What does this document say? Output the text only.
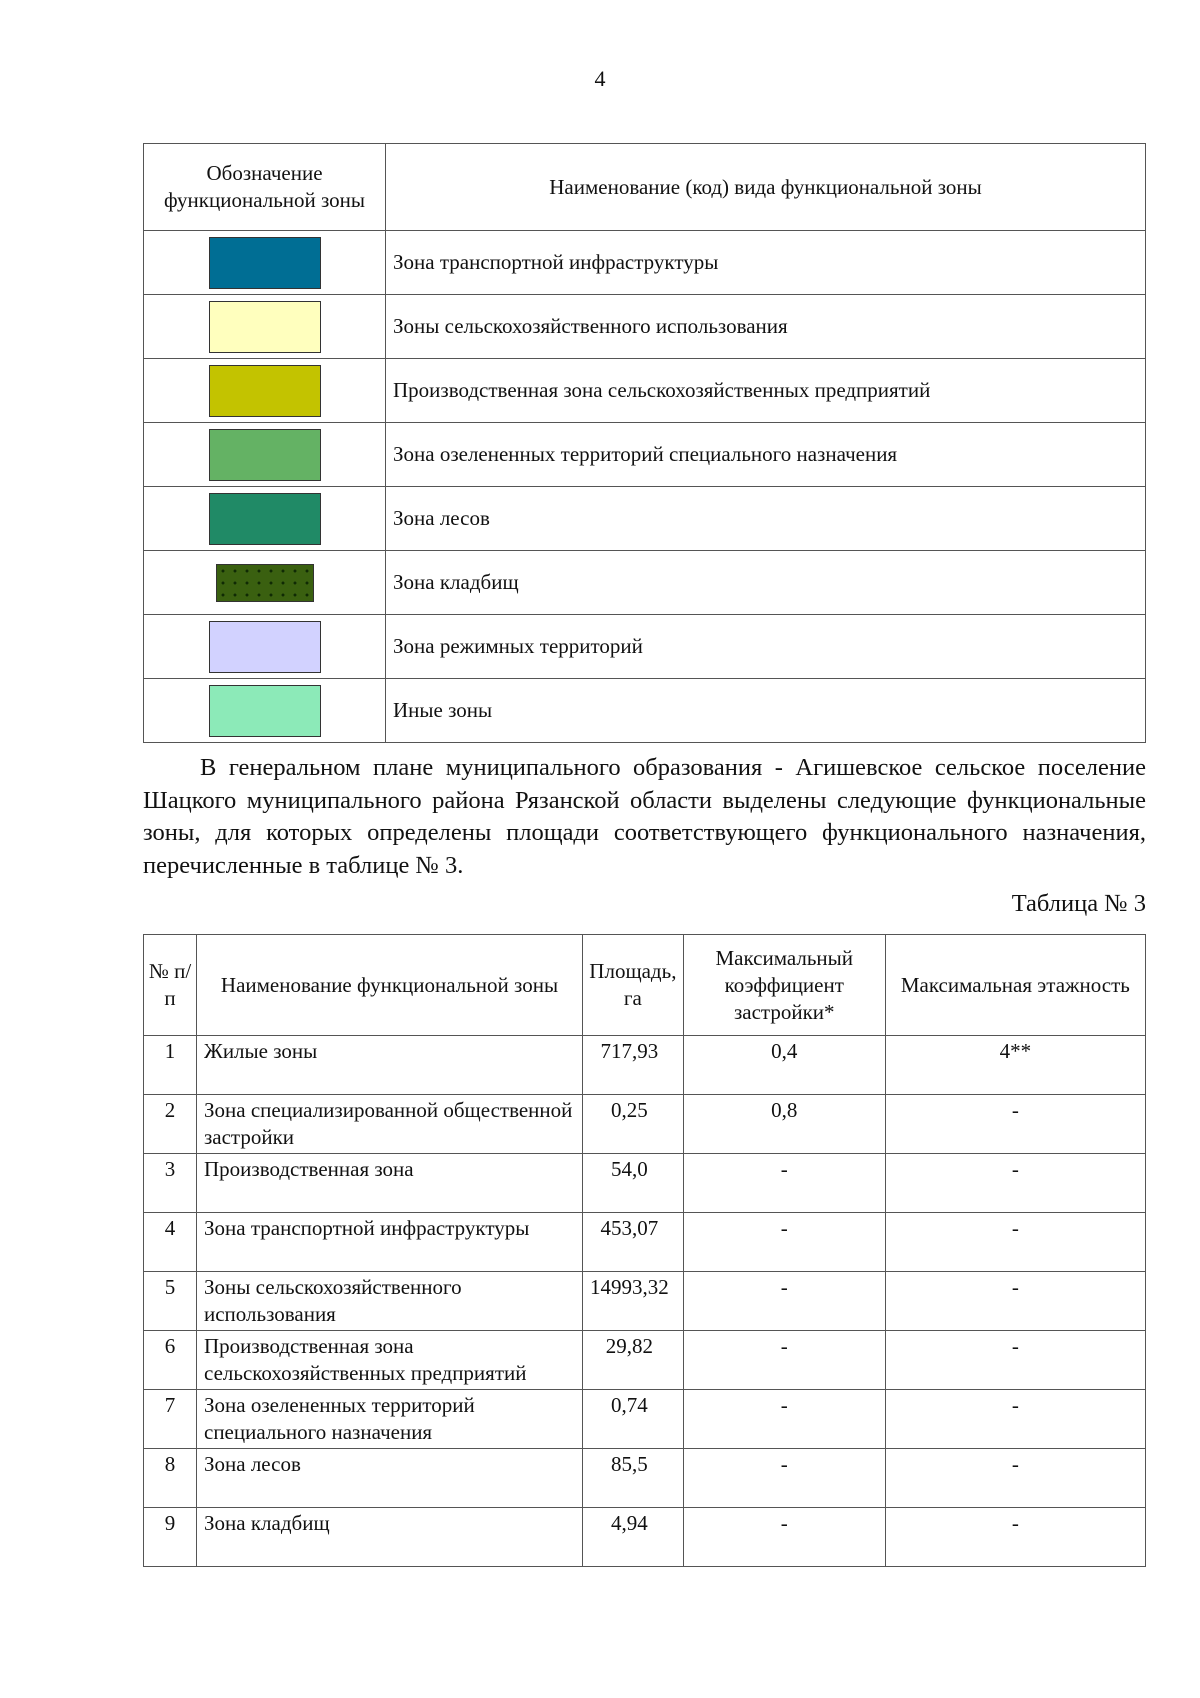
4
Обозначение функциональной зоны	Наименование (код) вида функциональной зоны
	Зона транспортной инфраструктуры
	Зоны сельскохозяйственного использования
	Производственная зона сельскохозяйственных предприятий
	Зона озелененных территорий специального назначения
	Зона лесов
	Зона кладбищ
	Зона режимных территорий
	Иные зоны

В генеральном плане муниципального образования - Агишевское сельское поселение Шацкого муниципального района Рязанской области выделены следующие функциональные зоны, для которых определены площади соответствующего функционального назначения, перечисленные в таблице № 3.

Таблица № 3
№ п/п	Наименование функциональной зоны	Площадь, га	Максимальный коэффициент застройки*	Максимальная этажность
1	Жилые зоны	717,93	0,4	4**
2	Зона специализированной общественной застройки	0,25	0,8	-
3	Производственная зона	54,0	-	-
4	Зона транспортной инфраструктуры	453,07	-	-
5	Зоны сельскохозяйственного использования	14993,32	-	-
6	Производственная зона сельскохозяйственных предприятий	29,82	-	-
7	Зона озелененных территорий специального назначения	0,74	-	-
8	Зона лесов	85,5	-	-
9	Зона кладбищ	4,94	-	-
